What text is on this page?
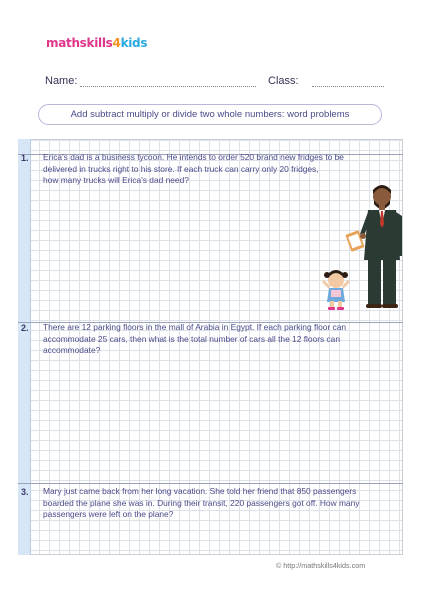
mathskills4kids
Name:	Class:
Add subtract multiply or divide two whole numbers: word problems
1. Erica's dad is a business tycoon. He intends to order 520 brand new fridges to be
delivered in trucks right to his store. If each truck can carry only 20 fridges,
how many trucks will Erica's dad need?
2. There are 12 parking floors in the mall of Arabia in Egypt. If each parking floor can
accommodate 25 cars, then what is the total number of cars all the 12 floors can
accommodate?
3. Mary just came back from her long vacation. She told her friend that 850 passengers
boarded the plane she was in. During their transit, 220 passengers got off. How many
passengers were left on the plane?
© http://mathskills4kids.com
